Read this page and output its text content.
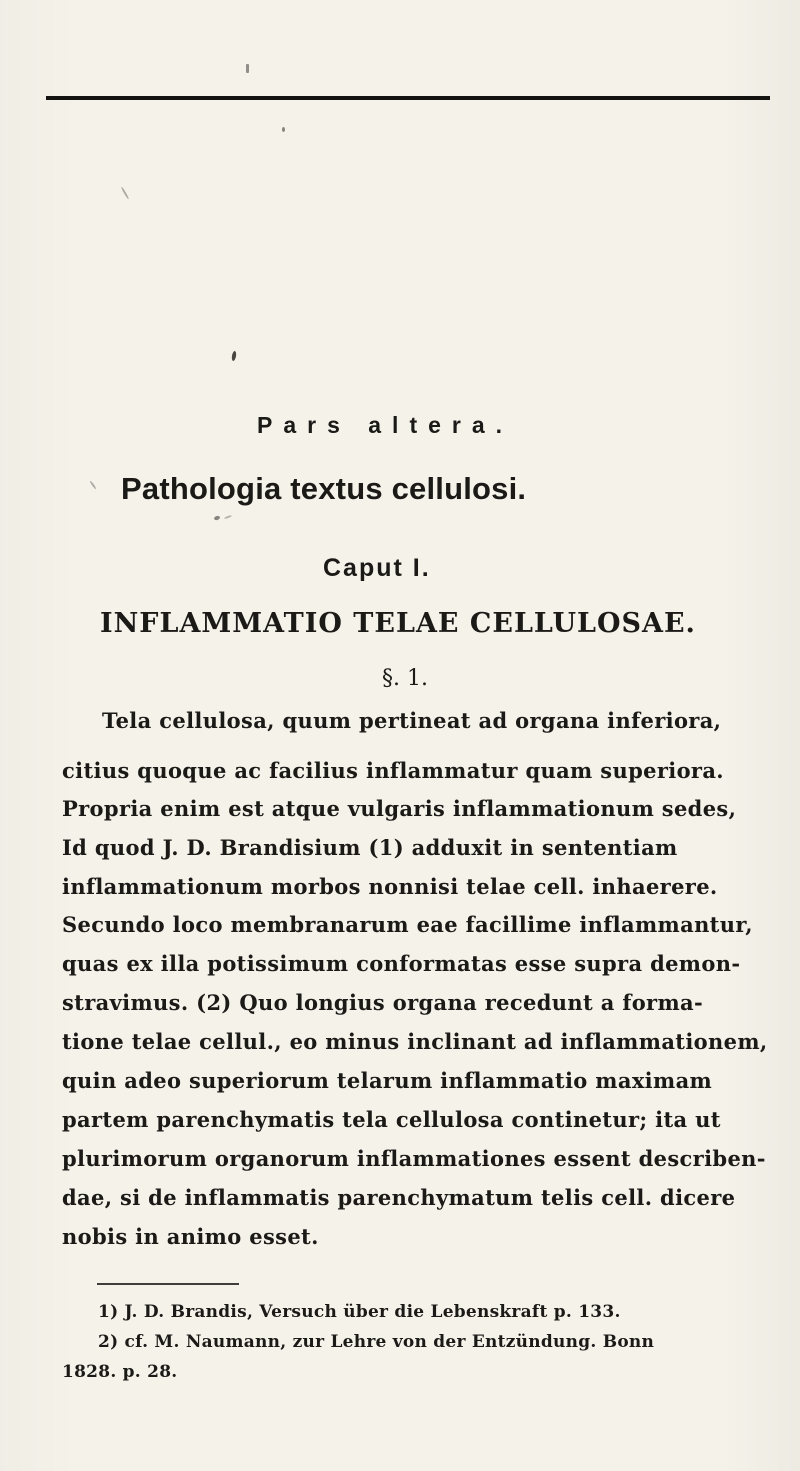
Pars altera.
Pathologia textus cellulosi.
Caput I.
INFLAMMATIO TELAE CELLULOSAE.
§. 1.
Tela cellulosa, quum pertineat ad organa inferiora,
citius quoque ac facilius inflammatur quam superiora.
Propria enim est atque vulgaris inflammationum sedes,
Id quod J. D. Brandisium (1) adduxit in sententiam
inflammationum morbos nonnisi telae cell. inhaerere.
Secundo loco membranarum eae facillime inflammantur,
quas ex illa potissimum conformatas esse supra demon-
stravimus. (2) Quo longius organa recedunt a forma-
tione telae cellul., eo minus inclinant ad inflammationem,
quin adeo superiorum telarum inflammatio maximam
partem parenchymatis tela cellulosa continetur; ita ut
plurimorum organorum inflammationes essent describen-
dae, si de inflammatis parenchymatum telis cell. dicere
nobis in animo esset.
1) J. D. Brandis, Versuch über die Lebenskraft p. 133.
2) cf. M. Naumann, zur Lehre von der Entzündung. Bonn
1828. p. 28.
